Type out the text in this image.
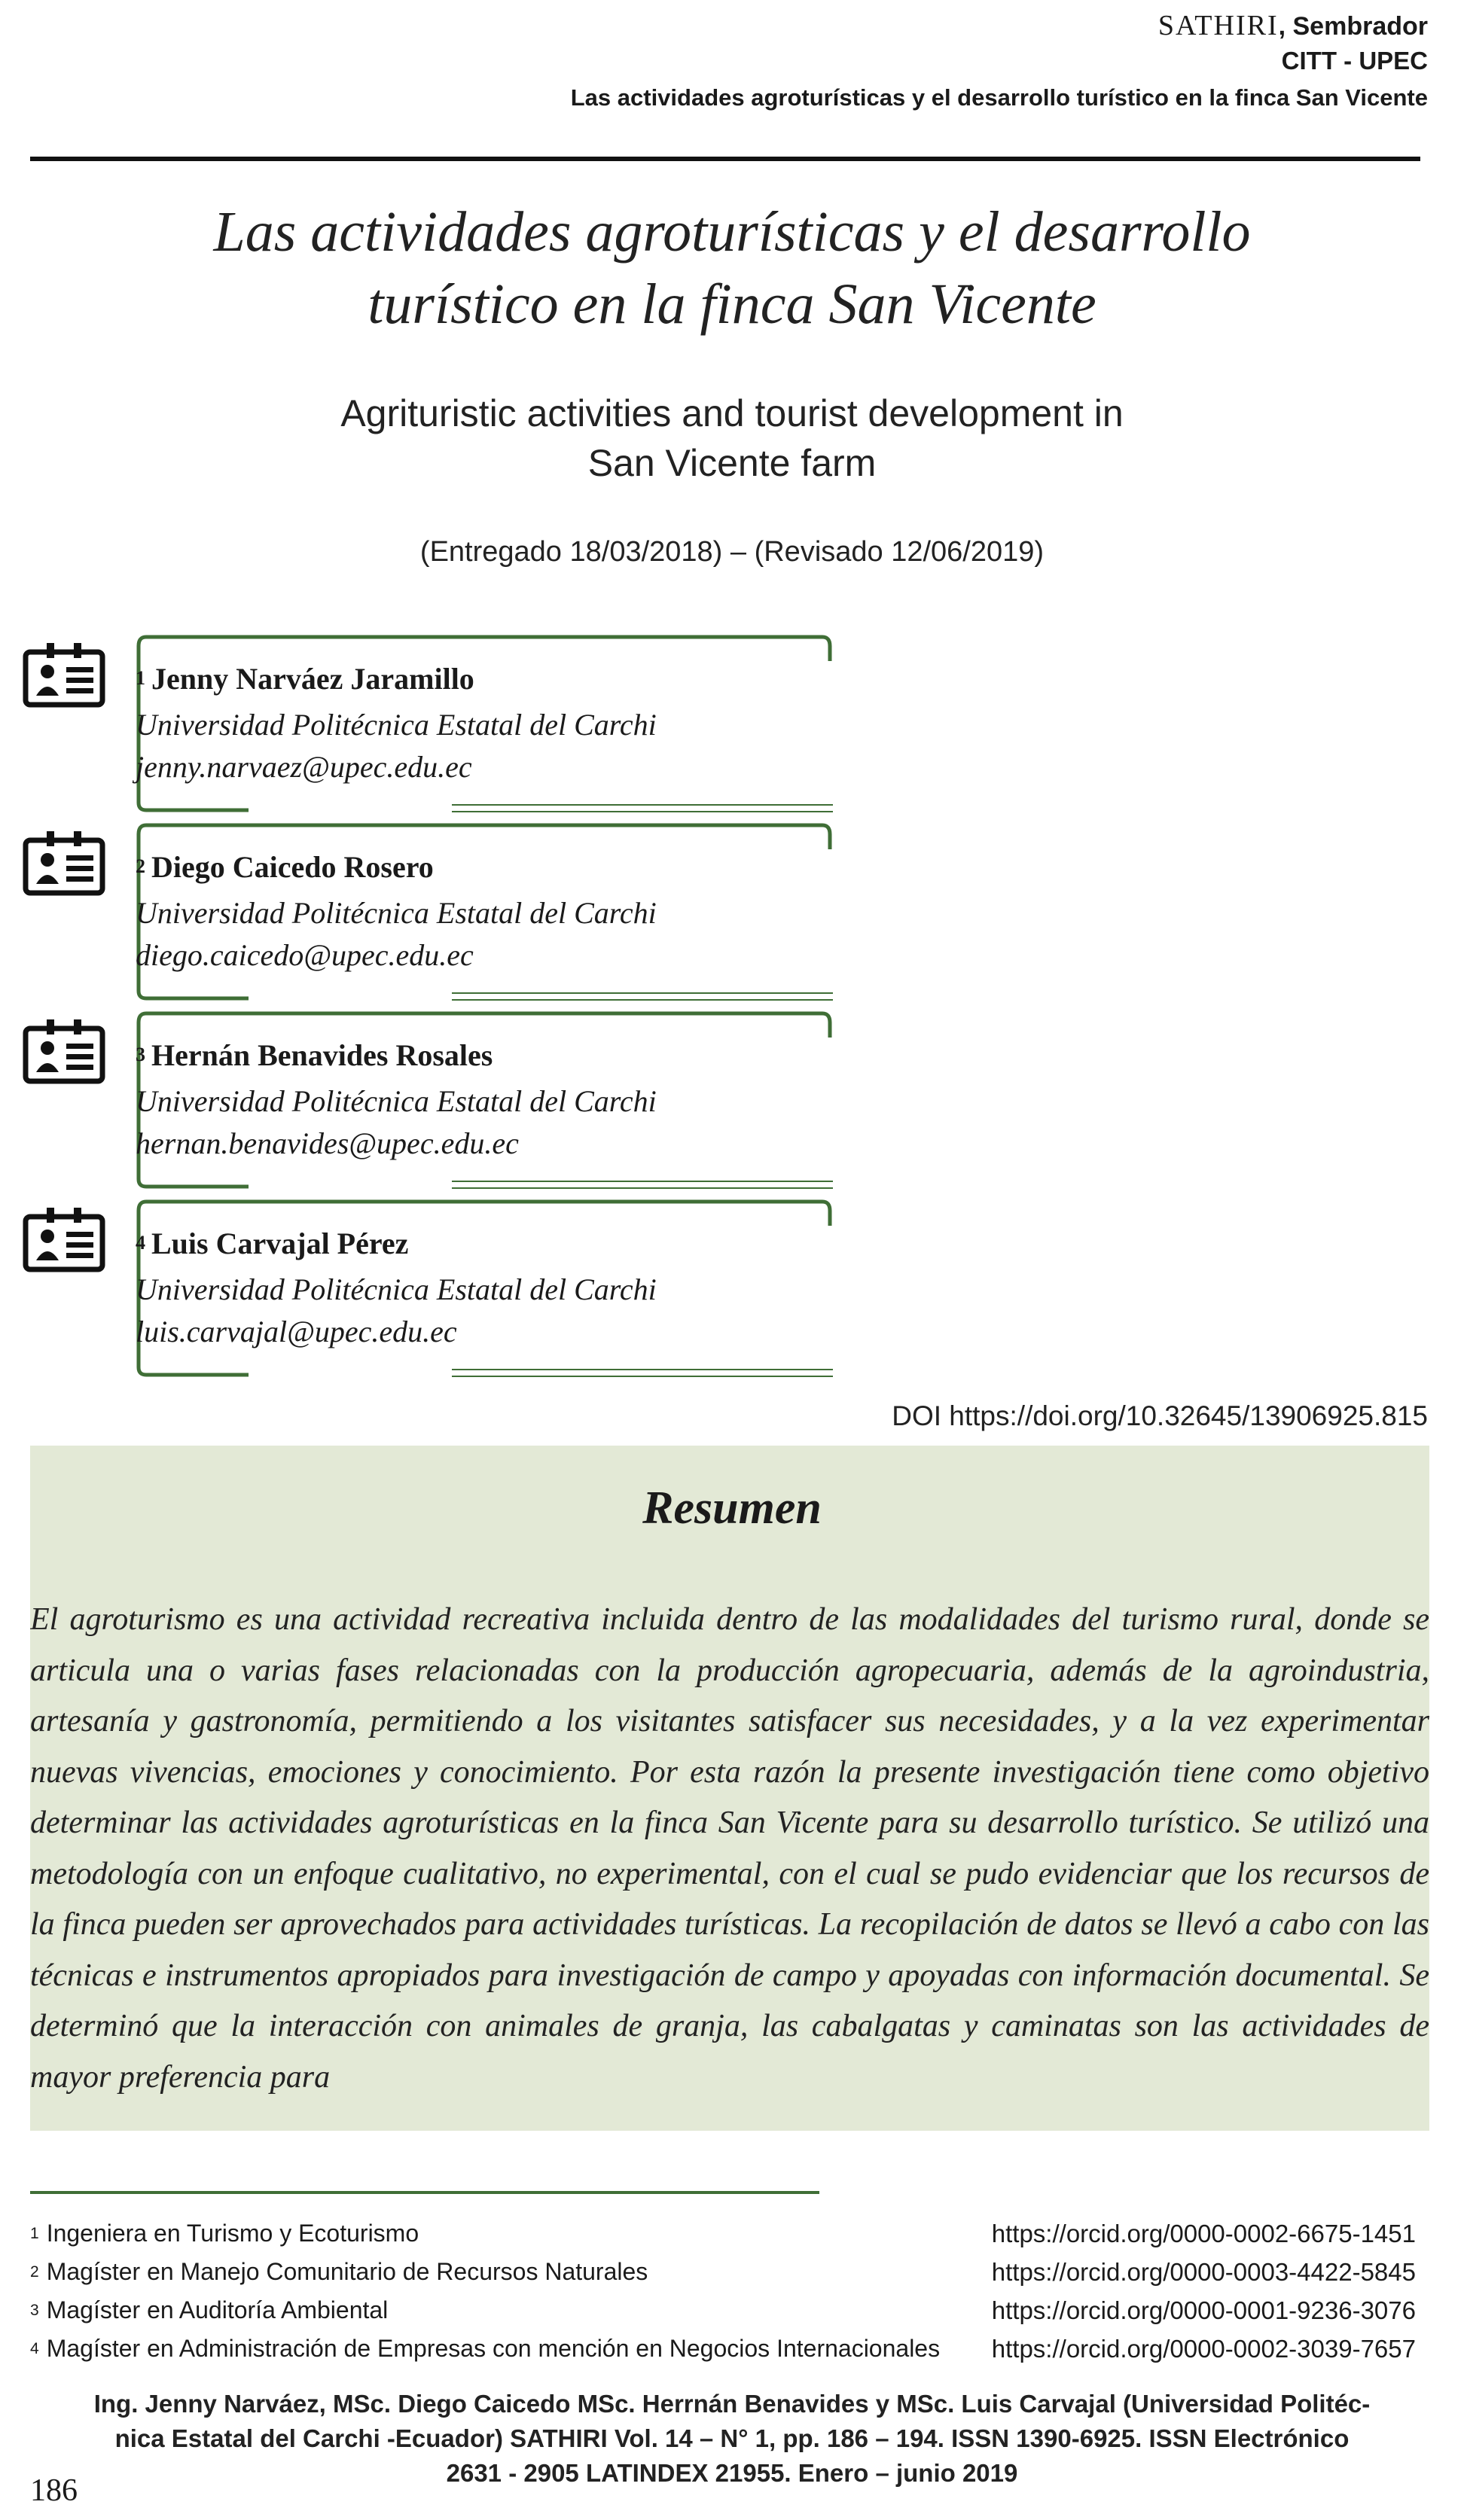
SATHIRI, Sembrador
CITT - UPEC
Las actividades agroturísticas y el desarrollo turístico en la finca San Vicente
Las actividades agroturísticas y el desarrollo
turístico en la finca San Vicente
Agrituristic activities and tourist development in
San Vicente farm
(Entregado 18/03/2018) – (Revisado 12/06/2019)
$^1$ Jenny Narváez Jaramillo
Universidad Politécnica Estatal del Carchi
jenny.narvaez@upec.edu.ec
$^2$ Diego Caicedo Rosero
Universidad Politécnica Estatal del Carchi
diego.caicedo@upec.edu.ec
$^3$ Hernán Benavides Rosales
Universidad Politécnica Estatal del Carchi
hernan.benavides@upec.edu.ec
$^4$ Luis Carvajal Pérez
Universidad Politécnica Estatal del Carchi
luis.carvajal@upec.edu.ec
DOI https://doi.org/10.32645/13906925.815
Resumen
El agroturismo es una actividad recreativa incluida dentro de las modalidades del turismo rural, donde se articula una o varias fases relacionadas con la producción agropecuaria, además de la agroindustria, artesanía y gastronomía, permitiendo a los visitantes satisfacer sus necesidades, y a la vez experimentar nuevas vivencias, emociones y conocimiento. Por esta razón la presente investigación tiene como objetivo determinar las actividades agroturísticas en la finca San Vicente para su desarrollo turístico. Se utilizó una metodología con un enfoque cualitativo, no experimental, con el cual se pudo evidenciar que los recursos de la finca pueden ser aprovechados para actividades turísticas. La recopilación de datos se llevó a cabo con las técnicas e instrumentos apropiados para investigación de campo y apoyadas con información documental. Se determinó que la interacción con animales de granja, las cabalgatas y caminatas son las actividades de mayor preferencia para
$^1$ Ingeniera en Turismo y Ecoturismo	https://orcid.org/0000-0002-6675-1451
$^2$ Magíster en Manejo Comunitario de Recursos Naturales	https://orcid.org/0000-0003-4422-5845
$^3$ Magíster en Auditoría Ambiental	https://orcid.org/0000-0001-9236-3076
$^4$ Magíster en Administración de Empresas con mención en Negocios Internacionales https://orcid.org/0000-0002-3039-7657
Ing. Jenny Narváez, MSc. Diego Caicedo MSc. Herrnán Benavides y MSc. Luis Carvajal (Universidad Politéc-
nica Estatal del Carchi -Ecuador) SATHIRI Vol. 14 – N° 1, pp. 186 – 194. ISSN 1390-6925. ISSN Electrónico
2631 - 2905 LATINDEX 21955. Enero – junio 2019
186
